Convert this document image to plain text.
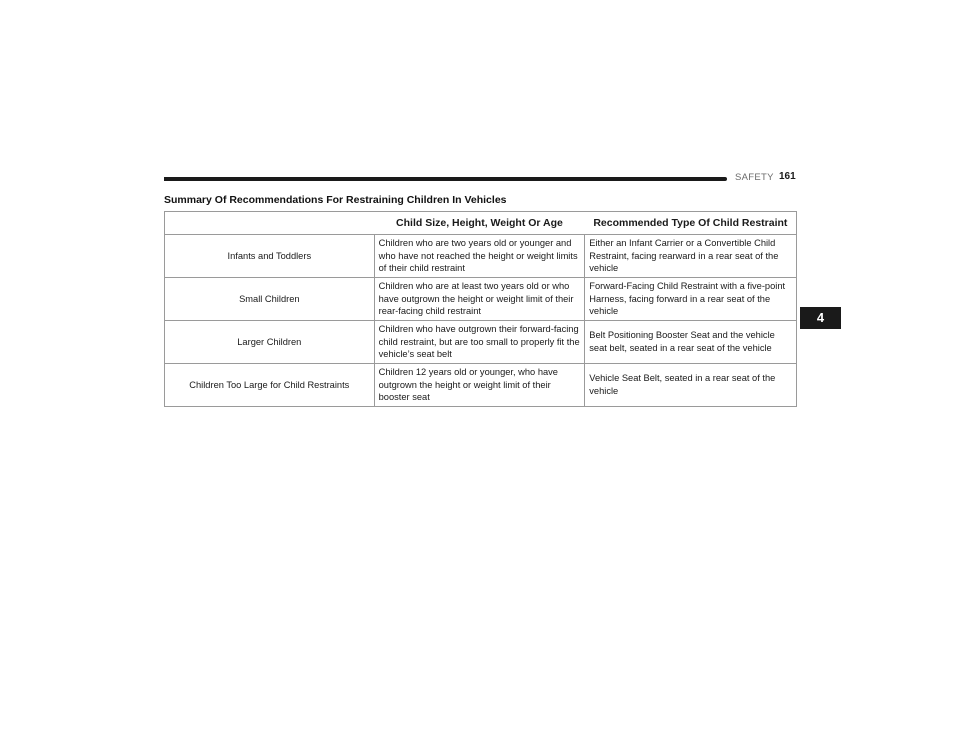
SAFETY 161
Summary Of Recommendations For Restraining Children In Vehicles
	Child Size, Height, Weight Or Age	Recommended Type Of Child Restraint
Infants and Toddlers	Children who are two years old or younger and who have not reached the height or weight limits of their child restraint	Either an Infant Carrier or a Convertible Child Restraint, facing rearward in a rear seat of the vehicle
Small Children	Children who are at least two years old or who have outgrown the height or weight limit of their rear-facing child restraint	Forward-Facing Child Restraint with a five-point Harness, facing forward in a rear seat of the vehicle
Larger Children	Children who have outgrown their forward-facing child restraint, but are too small to properly fit the vehicle’s seat belt	Belt Positioning Booster Seat and the vehicle seat belt, seated in a rear seat of the vehicle
Children Too Large for Child Restraints	Children 12 years old or younger, who have outgrown the height or weight limit of their booster seat	Vehicle Seat Belt, seated in a rear seat of the vehicle
4
